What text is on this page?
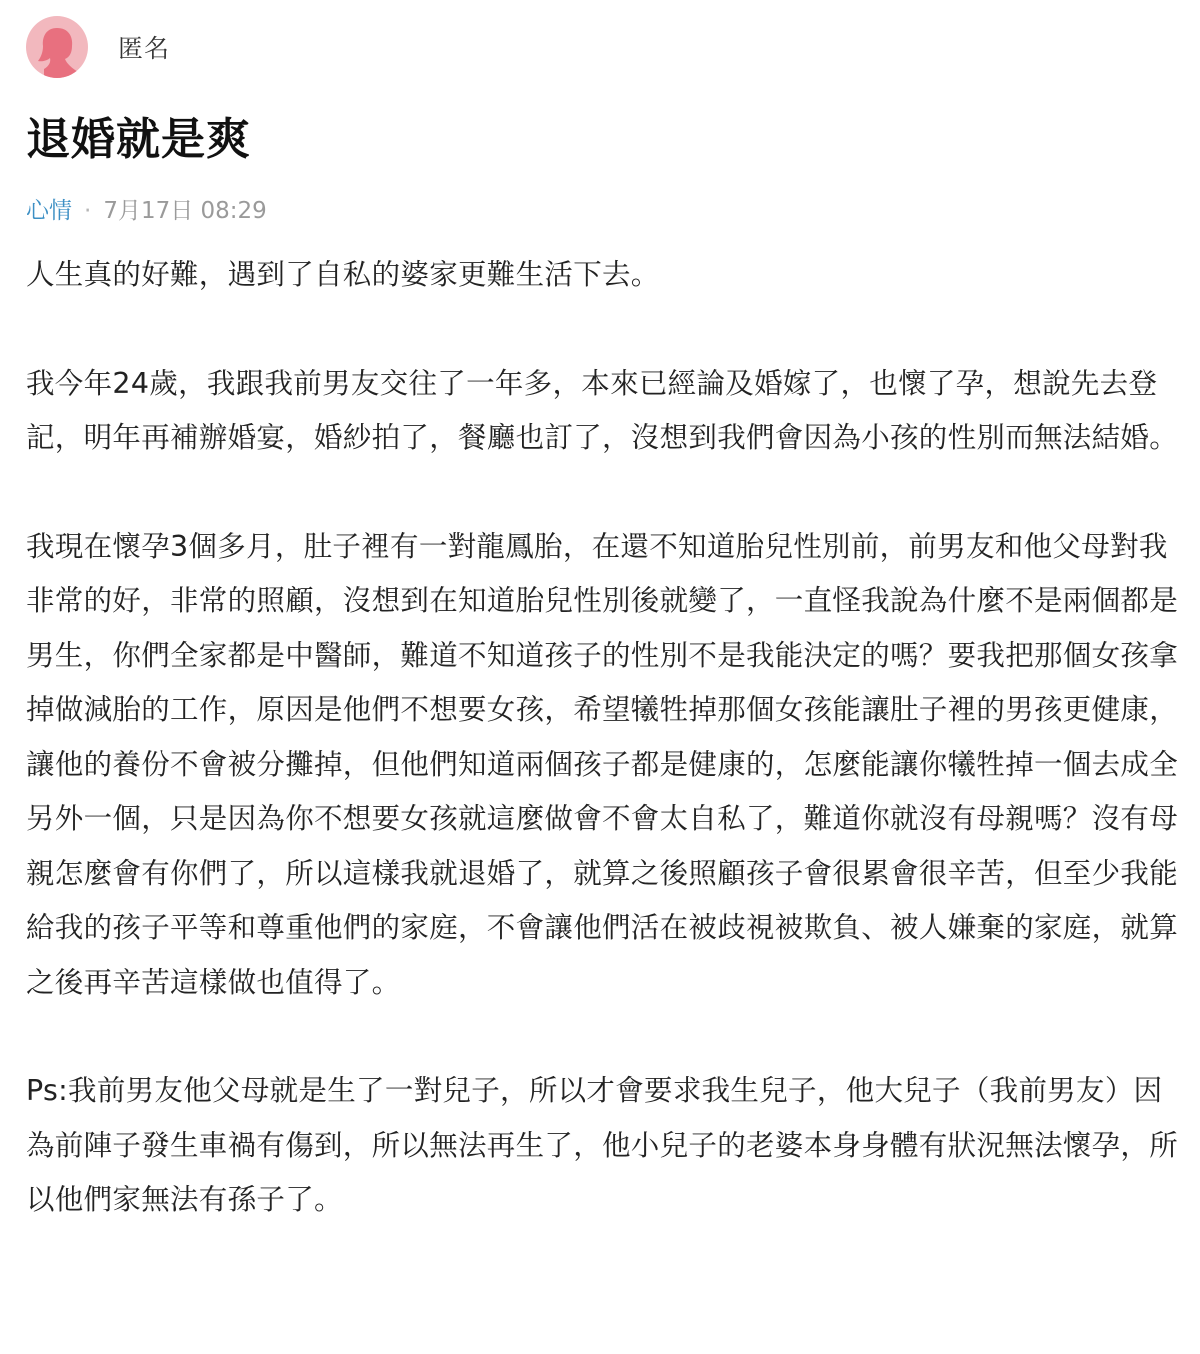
匿名
退婚就是爽
心情 · 7月17日 08:29

人生真的好難，遇到了自私的婆家更難生活下去。

我今年24歲，我跟我前男友交往了一年多，本來已經論及婚嫁了，也懷了孕，想說先去登記，明年再補辦婚宴，婚紗拍了，餐廳也訂了，沒想到我們會因為小孩的性別而無法結婚。

我現在懷孕3個多月，肚子裡有一對龍鳳胎，在還不知道胎兒性別前，前男友和他父母對我非常的好，非常的照顧，沒想到在知道胎兒性別後就變了，一直怪我說為什麼不是兩個都是男生，你們全家都是中醫師，難道不知道孩子的性別不是我能決定的嗎？要我把那個女孩拿掉做減胎的工作，原因是他們不想要女孩，希望犧牲掉那個女孩能讓肚子裡的男孩更健康，讓他的養份不會被分攤掉，但他們知道兩個孩子都是健康的，怎麼能讓你犧牲掉一個去成全另外一個，只是因為你不想要女孩就這麼做會不會太自私了，難道你就沒有母親嗎？沒有母親怎麼會有你們了，所以這樣我就退婚了，就算之後照顧孩子會很累會很辛苦，但至少我能給我的孩子平等和尊重他們的家庭，不會讓他們活在被歧視被欺負、被人嫌棄的家庭，就算之後再辛苦這樣做也值得了。

Ps:我前男友他父母就是生了一對兒子，所以才會要求我生兒子，他大兒子（我前男友）因為前陣子發生車禍有傷到，所以無法再生了，他小兒子的老婆本身身體有狀況無法懷孕，所以他們家無法有孫子了。
